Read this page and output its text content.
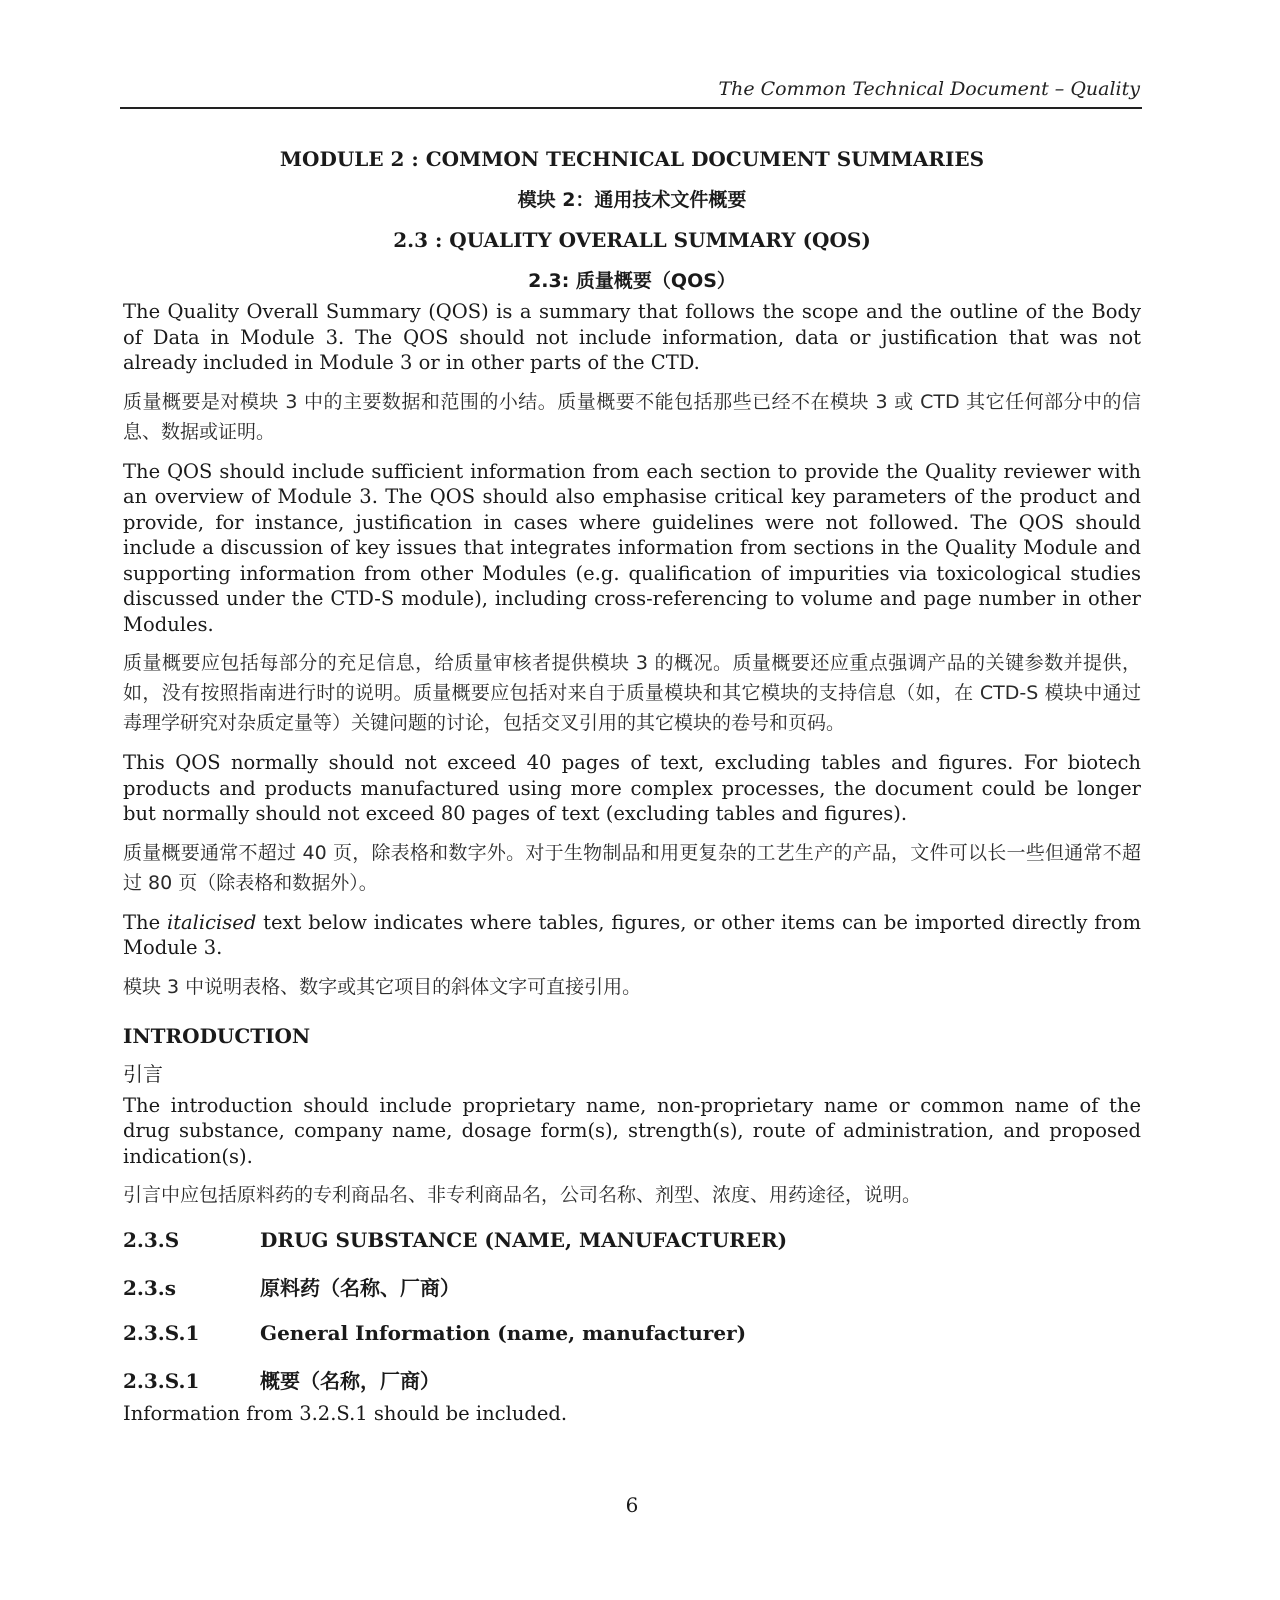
The Common Technical Document – Quality
MODULE 2 : COMMON TECHNICAL DOCUMENT SUMMARIES
模块 2：通用技术文件概要
2.3 : QUALITY OVERALL SUMMARY (QOS)
2.3: 质量概要（QOS）

The Quality Overall Summary (QOS) is a summary that follows the scope and the outline of the Body of Data in Module 3. The QOS should not include information, data or justification that was not already included in Module 3 or in other parts of the CTD.

质量概要是对模块 3 中的主要数据和范围的小结。质量概要不能包括那些已经不在模块 3 或 CTD 其它任何部分中的信息、数据或证明。

The QOS should include sufficient information from each section to provide the Quality reviewer with an overview of Module 3. The QOS should also emphasise critical key parameters of the product and provide, for instance, justification in cases where guidelines were not followed. The QOS should include a discussion of key issues that integrates information from sections in the Quality Module and supporting information from other Modules (e.g. qualification of impurities via toxicological studies discussed under the CTD-S module), including cross-referencing to volume and page number in other Modules.

质量概要应包括每部分的充足信息，给质量审核者提供模块 3 的概况。质量概要还应重点强调产品的关键参数并提供，如，没有按照指南进行时的说明。质量概要应包括对来自于质量模块和其它模块的支持信息（如，在 CTD-S 模块中通过毒理学研究对杂质定量等）关键问题的讨论，包括交叉引用的其它模块的卷号和页码。

This QOS normally should not exceed 40 pages of text, excluding tables and figures. For biotech products and products manufactured using more complex processes, the document could be longer but normally should not exceed 80 pages of text (excluding tables and figures).

质量概要通常不超过 40 页，除表格和数字外。对于生物制品和用更复杂的工艺生产的产品，文件可以长一些但通常不超过 80 页（除表格和数据外）。

The italicised text below indicates where tables, figures, or other items can be imported directly from Module 3.

模块 3 中说明表格、数字或其它项目的斜体文字可直接引用。

INTRODUCTION
引言

The introduction should include proprietary name, non-proprietary name or common name of the drug substance, company name, dosage form(s), strength(s), route of administration, and proposed indication(s).

引言中应包括原料药的专利商品名、非专利商品名，公司名称、剂型、浓度、用药途径，说明。

2.3.S	DRUG SUBSTANCE (NAME, MANUFACTURER)
2.3.s	原料药（名称、厂商）
2.3.S.1	General Information (name, manufacturer)
2.3.S.1	概要（名称，厂商）
Information from 3.2.S.1 should be included.
6
